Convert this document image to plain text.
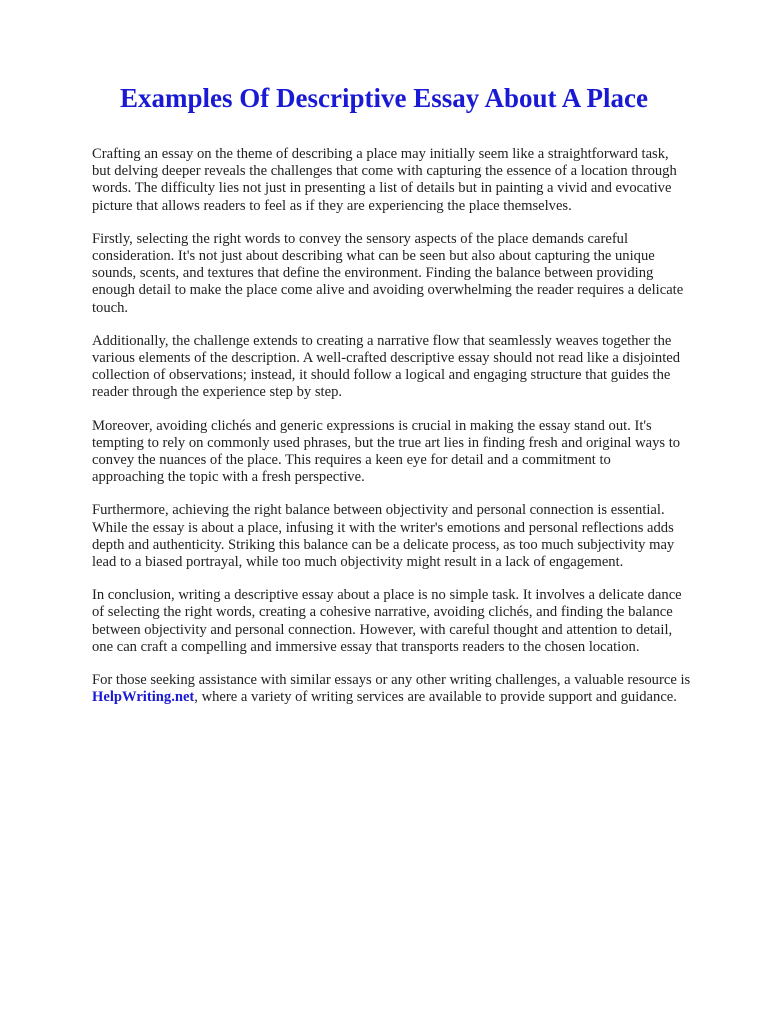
Examples Of Descriptive Essay About A Place

Crafting an essay on the theme of describing a place may initially seem like a straightforward task,
but delving deeper reveals the challenges that come with capturing the essence of a location through
words. The difficulty lies not just in presenting a list of details but in painting a vivid and evocative
picture that allows readers to feel as if they are experiencing the place themselves.

Firstly, selecting the right words to convey the sensory aspects of the place demands careful
consideration. It's not just about describing what can be seen but also about capturing the unique
sounds, scents, and textures that define the environment. Finding the balance between providing
enough detail to make the place come alive and avoiding overwhelming the reader requires a delicate
touch.

Additionally, the challenge extends to creating a narrative flow that seamlessly weaves together the
various elements of the description. A well-crafted descriptive essay should not read like a disjointed
collection of observations; instead, it should follow a logical and engaging structure that guides the
reader through the experience step by step.

Moreover, avoiding clichés and generic expressions is crucial in making the essay stand out. It's
tempting to rely on commonly used phrases, but the true art lies in finding fresh and original ways to
convey the nuances of the place. This requires a keen eye for detail and a commitment to
approaching the topic with a fresh perspective.

Furthermore, achieving the right balance between objectivity and personal connection is essential.
While the essay is about a place, infusing it with the writer's emotions and personal reflections adds
depth and authenticity. Striking this balance can be a delicate process, as too much subjectivity may
lead to a biased portrayal, while too much objectivity might result in a lack of engagement.

In conclusion, writing a descriptive essay about a place is no simple task. It involves a delicate dance
of selecting the right words, creating a cohesive narrative, avoiding clichés, and finding the balance
between objectivity and personal connection. However, with careful thought and attention to detail,
one can craft a compelling and immersive essay that transports readers to the chosen location.

For those seeking assistance with similar essays or any other writing challenges, a valuable resource is
HelpWriting.net, where a variety of writing services are available to provide support and guidance.
